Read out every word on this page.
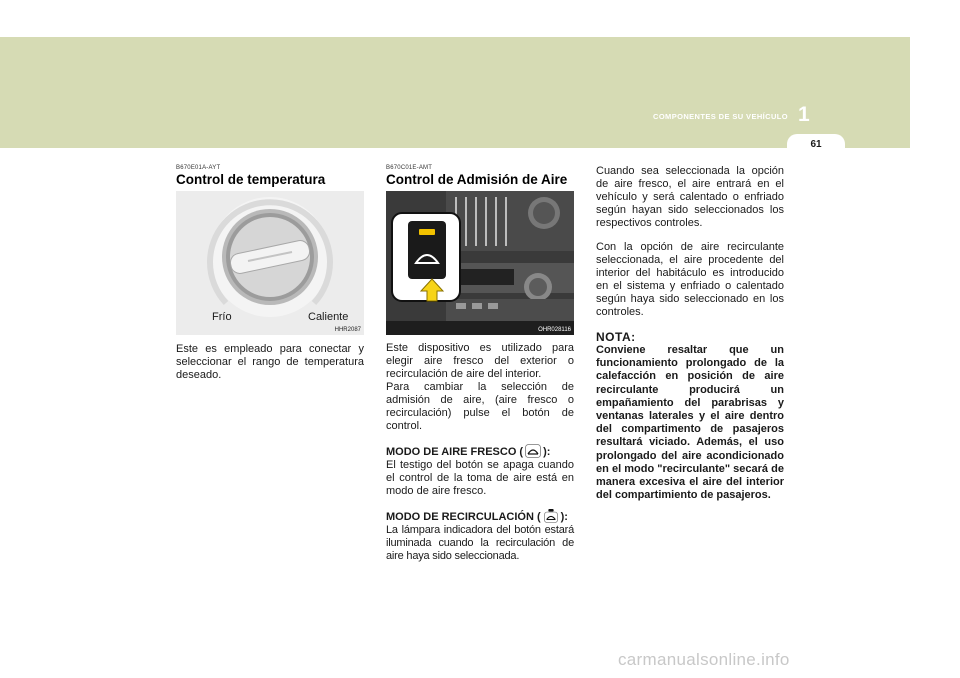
COMPONENTES DE SU VEHÍCULO 1
61
B670E01A-AYT
Control de temperatura
Frío	Caliente
HHR2087

Este es empleado para conectar y seleccionar el rango de temperatura deseado.

B670C01E-AMT
Control de Admisión de Aire
OHR028116

Este dispositivo es utilizado para elegir aire fresco del exterior o recirculación de aire del interior.

Para cambiar la selección de admisión de aire, (aire fresco o recirculación) pulse el botón de control.

MODO DE AIRE FRESCO ( ):
El testigo del botón se apaga cuando el control de la toma de aire está en modo de aire fresco.

MODO DE RECIRCULACIÓN ( ):
La lámpara indicadora del botón estará iluminada cuando la recirculación de aire haya sido seleccionada.

Cuando sea seleccionada la opción de aire fresco, el aire entrará en el vehículo y será calentado o enfriado según hayan sido seleccionados los respectivos controles.

Con la opción de aire recirculante seleccionada, el aire procedente del interior del habitáculo es introducido en el sistema y enfriado o calentado según haya sido seleccionado en los controles.

NOTA:

Conviene resaltar que un funcionamiento prolongado de la calefacción en posición de aire recirculante producirá un empañamiento del parabrisas y ventanas laterales y el aire dentro del compartimento de pasajeros resultará viciado. Además, el uso prolongado del aire acondicionado en el modo "recirculante" secará de manera excesiva el aire del interior del compartimiento de pasajeros.

carmanualsonline.info
